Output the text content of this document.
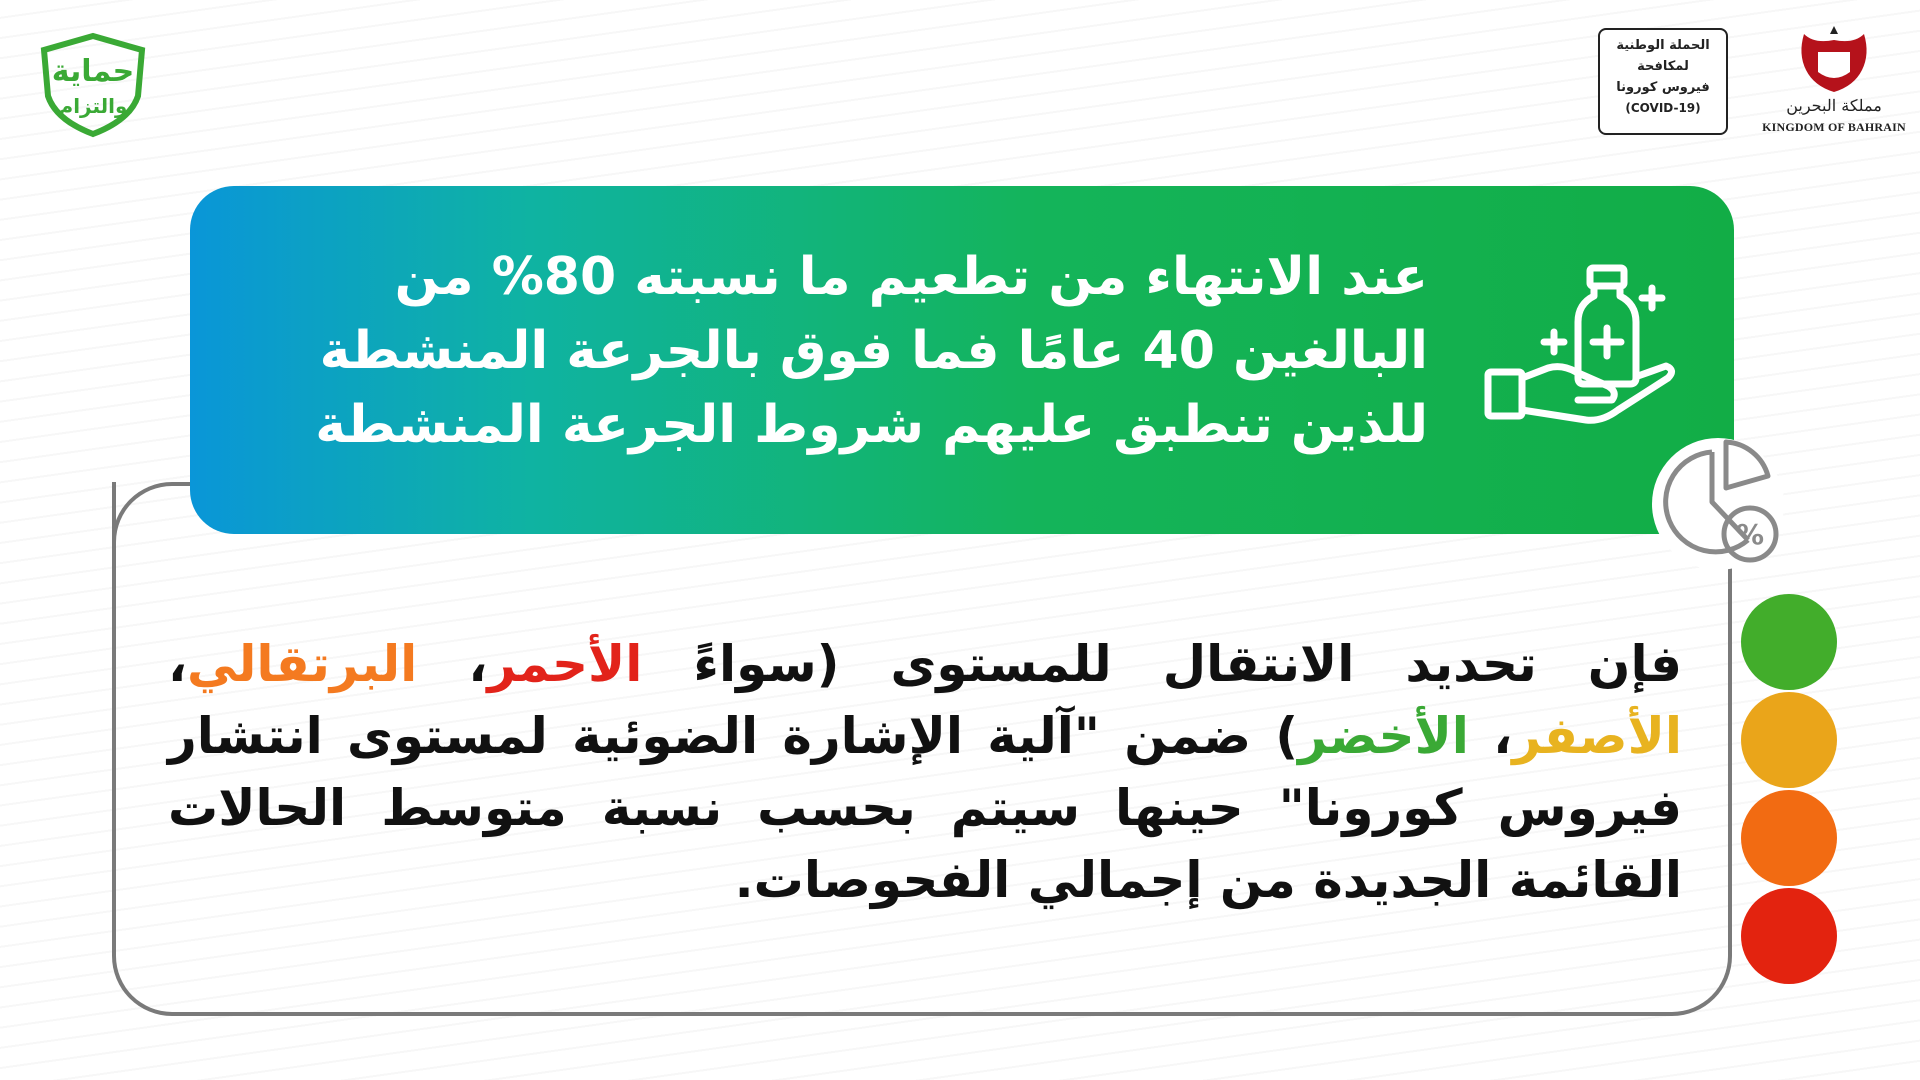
حماية
والتزام
الحملة الوطنية
لمكافحة
فيروس كورونا
(COVID-19)	مملكة البحرين
KINGDOM OF BAHRAIN
عند الانتهاء من تطعيم ما نسبته 80% من البالغين 40 عامًا فما فوق بالجرعة المنشطة للذين تنطبق عليهم شروط الجرعة المنشطة
%
فإن تحديد الانتقال للمستوى (سواءً الأحمر، البرتقالي، الأصفر، الأخضر) ضمن "آلية الإشارة الضوئية لمستوى انتشار فيروس كورونا" حينها سيتم بحسب نسبة متوسط الحالات القائمة الجديدة من إجمالي الفحوصات.
